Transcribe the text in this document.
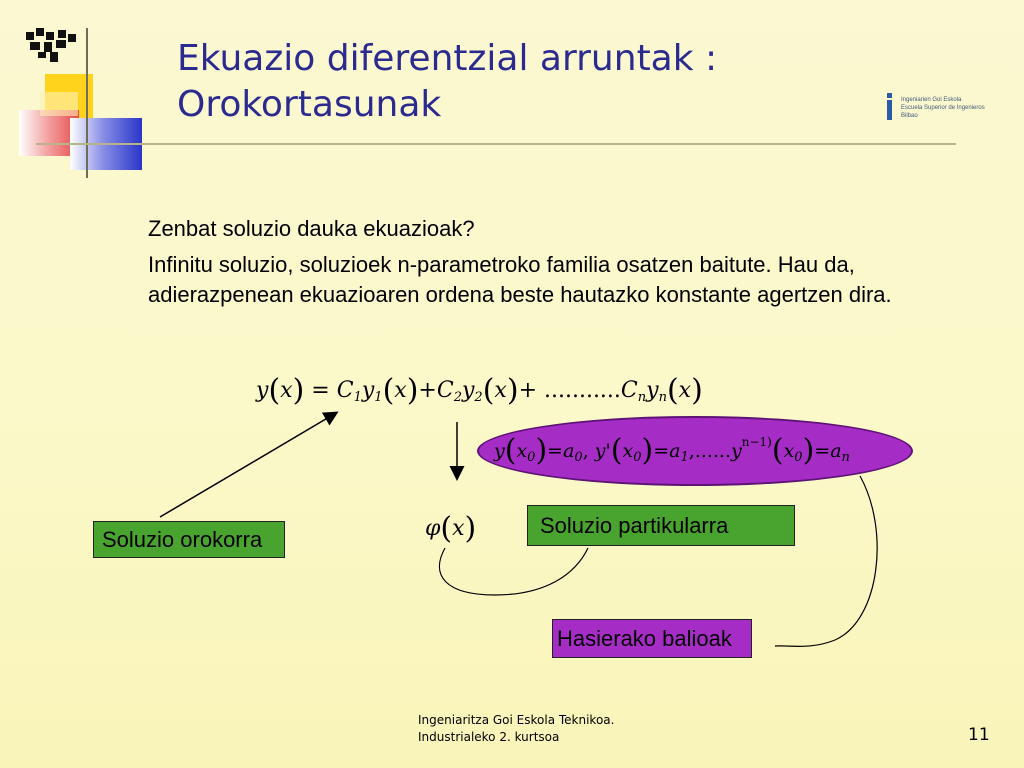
Ingeniarien Goi Eskola
Escuela Superior de Ingenieros
Bilbao
Ekuazio diferentzial arruntak :
Orokortasunak

Zenbat soluzio dauka ekuazioak?

Infinitu soluzio, soluzioek n-parametroko familia osatzen baitute. Hau da, adierazpenean ekuazioaren ordena beste hautazko konstante agertzen dira.

$y(x) = C_1y_1(x)+C_2y_2(x)+ ...........C_ny_n(x)$
$y(x_0)=a_0$, $y'(x_0)=a_1,......y^{n-1)}(x_0)=a_n$
φ(x)
Soluzio orokorra
Soluzio partikularra
Hasierako balioak
Ingeniaritza Goi Eskola Teknikoa.
Industrialeko 2. kurtsoa	11
